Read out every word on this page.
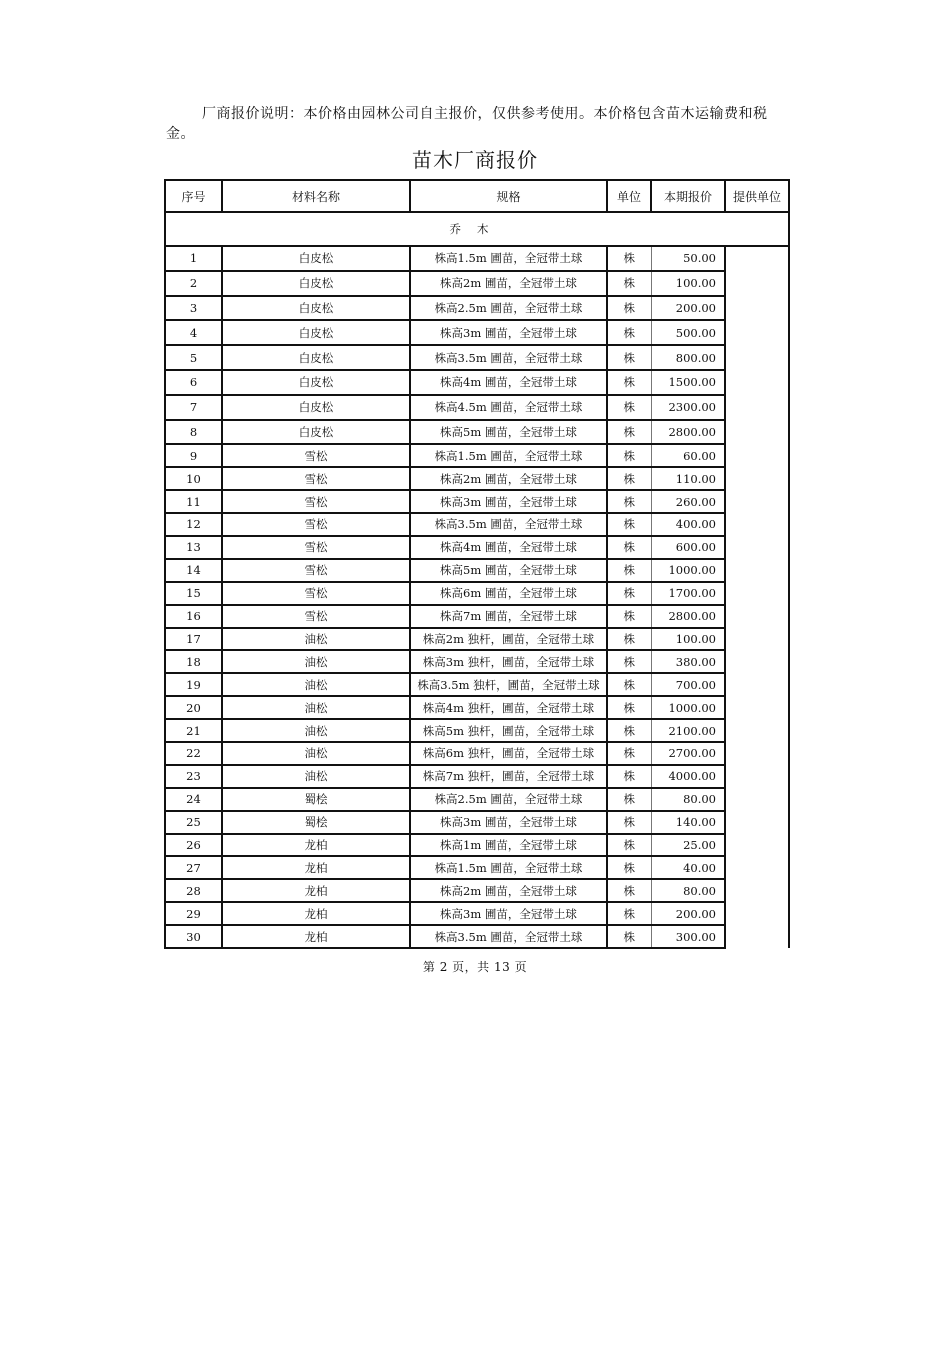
厂商报价说明：本价格由园林公司自主报价，仅供参考使用。本价格包含苗木运输费和税金。

苗木厂商报价
序号	材料名称	规格	单位	本期报价	提供单位
乔木					
1	白皮松	株高1.5m 圃苗，全冠带土球	株	50.00	
2	白皮松	株高2m 圃苗，全冠带土球	株	100.00	
3	白皮松	株高2.5m 圃苗，全冠带土球	株	200.00	
4	白皮松	株高3m 圃苗，全冠带土球	株	500.00	
5	白皮松	株高3.5m 圃苗，全冠带土球	株	800.00	
6	白皮松	株高4m 圃苗，全冠带土球	株	1500.00	
7	白皮松	株高4.5m 圃苗，全冠带土球	株	2300.00	
8	白皮松	株高5m 圃苗，全冠带土球	株	2800.00	
9	雪松	株高1.5m 圃苗，全冠带土球	株	60.00	
10	雪松	株高2m 圃苗，全冠带土球	株	110.00	
11	雪松	株高3m 圃苗，全冠带土球	株	260.00	
12	雪松	株高3.5m 圃苗，全冠带土球	株	400.00	
13	雪松	株高4m 圃苗，全冠带土球	株	600.00	
14	雪松	株高5m 圃苗，全冠带土球	株	1000.00	
15	雪松	株高6m 圃苗，全冠带土球	株	1700.00	
16	雪松	株高7m 圃苗，全冠带土球	株	2800.00	
17	油松	株高2m 独杆，圃苗，全冠带土球	株	100.00	
18	油松	株高3m 独杆，圃苗，全冠带土球	株	380.00	
19	油松	株高3.5m 独杆，圃苗，全冠带土球	株	700.00	
20	油松	株高4m 独杆，圃苗，全冠带土球	株	1000.00	
21	油松	株高5m 独杆，圃苗，全冠带土球	株	2100.00	
22	油松	株高6m 独杆，圃苗，全冠带土球	株	2700.00	
23	油松	株高7m 独杆，圃苗，全冠带土球	株	4000.00	
24	蜀桧	株高2.5m 圃苗，全冠带土球	株	80.00	
25	蜀桧	株高3m 圃苗，全冠带土球	株	140.00	
26	龙柏	株高1m 圃苗，全冠带土球	株	25.00	
27	龙柏	株高1.5m 圃苗，全冠带土球	株	40.00	
28	龙柏	株高2m 圃苗，全冠带土球	株	80.00	
29	龙柏	株高3m 圃苗，全冠带土球	株	200.00	
30	龙柏	株高3.5m 圃苗，全冠带土球	株	300.00	
第 2 页，共 13 页
